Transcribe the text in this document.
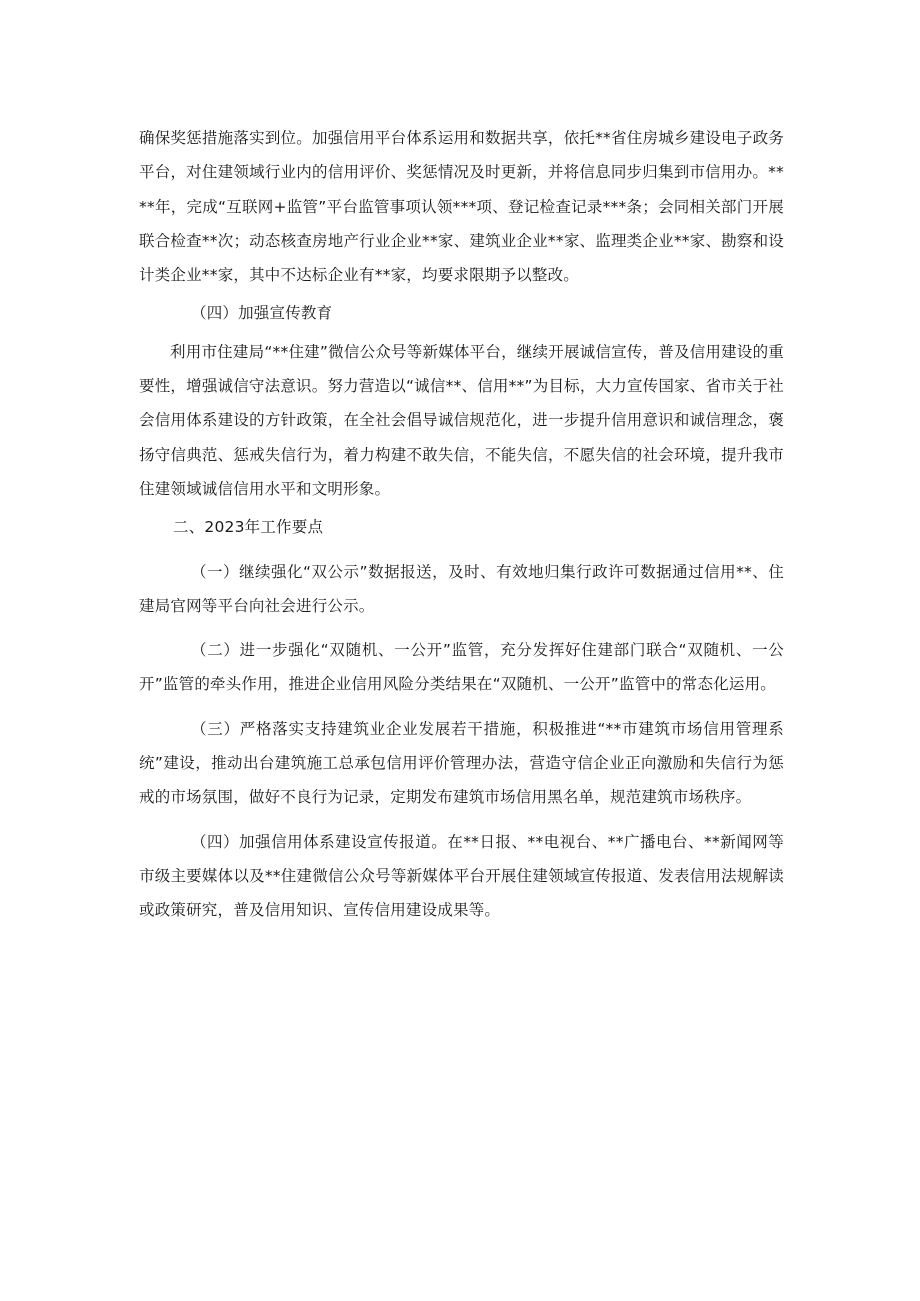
确保奖惩措施落实到位。加强信用平台体系运用和数据共享，依托**省住房城乡建设电子政务平台，对住建领域行业内的信用评价、奖惩情况及时更新，并将信息同步归集到市信用办。****年，完成“互联网+监管”平台监管事项认领***项、登记检查记录***条；会同相关部门开展联合检查**次；动态核查房地产行业企业**家、建筑业企业**家、监理类企业**家、勘察和设计类企业**家，其中不达标企业有**家，均要求限期予以整改。

（四）加强宣传教育

利用市住建局“**住建”微信公众号等新媒体平台，继续开展诚信宣传，普及信用建设的重要性，增强诚信守法意识。努力营造以“诚信**、信用**”为目标，大力宣传国家、省市关于社会信用体系建设的方针政策，在全社会倡导诚信规范化，进一步提升信用意识和诚信理念，褒扬守信典范、惩戒失信行为，着力构建不敢失信，不能失信，不愿失信的社会环境，提升我市住建领域诚信信用水平和文明形象。

二、2023年工作要点

（一）继续强化“双公示”数据报送，及时、有效地归集行政许可数据通过信用**、住建局官网等平台向社会进行公示。

（二）进一步强化“双随机、一公开”监管，充分发挥好住建部门联合“双随机、一公开”监管的牵头作用，推进企业信用风险分类结果在“双随机、一公开”监管中的常态化运用。

（三）严格落实支持建筑业企业发展若干措施，积极推进“**市建筑市场信用管理系统”建设，推动出台建筑施工总承包信用评价管理办法，营造守信企业正向激励和失信行为惩戒的市场氛围，做好不良行为记录，定期发布建筑市场信用黑名单，规范建筑市场秩序。

（四）加强信用体系建设宣传报道。在**日报、**电视台、**广播电台、**新闻网等市级主要媒体以及**住建微信公众号等新媒体平台开展住建领域宣传报道、发表信用法规解读或政策研究，普及信用知识、宣传信用建设成果等。
